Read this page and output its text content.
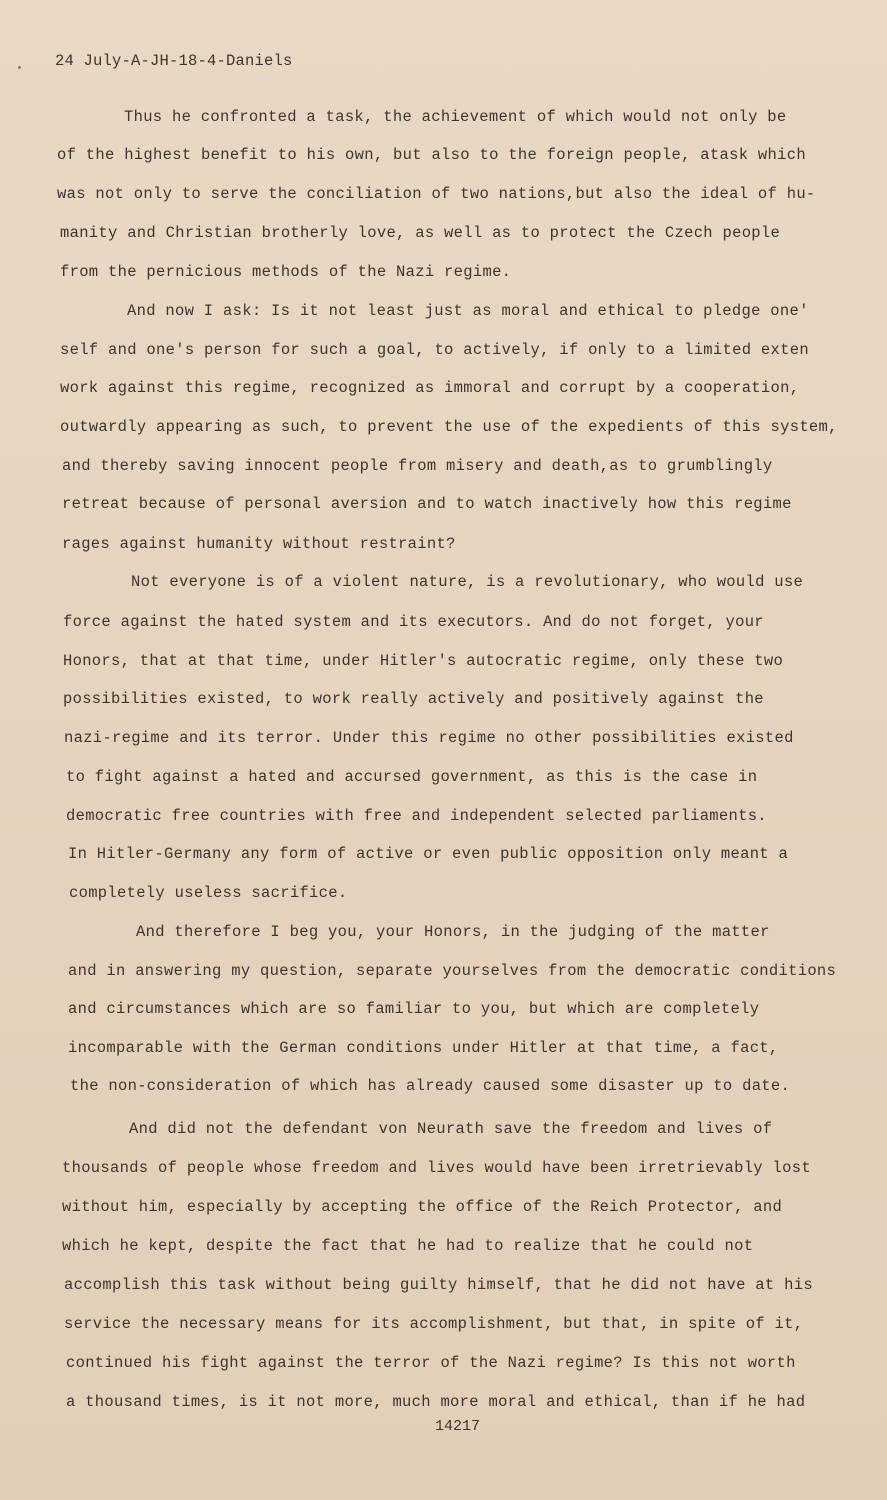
24 July-A-JH-18-4-Daniels
Thus he confronted a task, the achievement of which would not only be
of the highest benefit to his own, but also to the foreign people, atask which
was not only to serve the conciliation of two nations,but also the ideal of hu-
manity and Christian brotherly love, as well as to protect the Czech people
from the pernicious methods of the Nazi regime.
And now I ask: Is it not least just as moral and ethical to pledge one'
self and one's person for such a goal, to actively, if only to a limited exten
work against this regime, recognized as immoral and corrupt by a cooperation,
outwardly appearing as such, to prevent the use of the expedients of this system,
and thereby saving innocent people from misery and death,as to grumblingly
retreat because of personal aversion and to watch inactively how this regime
rages against humanity without restraint?
Not everyone is of a violent nature, is a revolutionary, who would use
force against the hated system and its executors. And do not forget, your
Honors, that at that time, under Hitler's autocratic regime, only these two
possibilities existed, to work really actively and positively against the
nazi-regime and its terror. Under this regime no other possibilities existed
to fight against a hated and accursed government, as this is the case in
democratic free countries with free and independent selected parliaments.
In Hitler-Germany any form of active or even public opposition only meant a
completely useless sacrifice.
And therefore I beg you, your Honors, in the judging of the matter
and in answering my question, separate yourselves from the democratic conditions
and circumstances which are so familiar to you, but which are completely
incomparable with the German conditions under Hitler at that time, a fact,
the non-consideration of which has already caused some disaster up to date.
And did not the defendant von Neurath save the freedom and lives of
thousands of people whose freedom and lives would have been irretrievably lost
without him, especially by accepting the office of the Reich Protector, and
which he kept, despite the fact that he had to realize that he could not
accomplish this task without being guilty himself, that he did not have at his
service the necessary means for its accomplishment, but that, in spite of it,
continued his fight against the terror of the Nazi regime? Is this not worth
a thousand times, is it not more, much more moral and ethical, than if he had
14217
